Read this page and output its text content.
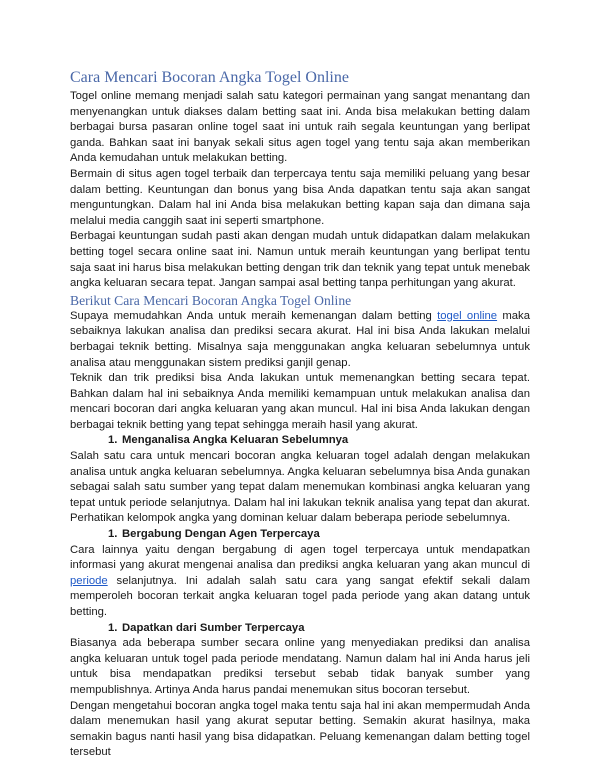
Cara Mencari Bocoran Angka Togel Online

Togel online memang menjadi salah satu kategori permainan yang sangat menantang dan menyenangkan untuk diakses dalam betting saat ini. Anda bisa melakukan betting dalam berbagai bursa pasaran online togel saat ini untuk raih segala keuntungan yang berlipat ganda. Bahkan saat ini banyak sekali situs agen togel yang tentu saja akan memberikan Anda kemudahan untuk melakukan betting.

Bermain di situs agen togel terbaik dan terpercaya tentu saja memiliki peluang yang besar dalam betting. Keuntungan dan bonus yang bisa Anda dapatkan tentu saja akan sangat menguntungkan. Dalam hal ini Anda bisa melakukan betting kapan saja dan dimana saja melalui media canggih saat ini seperti smartphone.

Berbagai keuntungan sudah pasti akan dengan mudah untuk didapatkan dalam melakukan betting togel secara online saat ini. Namun untuk meraih keuntungan yang berlipat tentu saja saat ini harus bisa melakukan betting dengan trik dan teknik yang tepat untuk menebak angka keluaran secara tepat. Jangan sampai asal betting tanpa perhitungan yang akurat.

Berikut Cara Mencari Bocoran Angka Togel Online

Supaya memudahkan Anda untuk meraih kemenangan dalam betting togel online maka sebaiknya lakukan analisa dan prediksi secara akurat. Hal ini bisa Anda lakukan melalui berbagai teknik betting. Misalnya saja menggunakan angka keluaran sebelumnya untuk analisa atau menggunakan sistem prediksi ganjil genap.

Teknik dan trik prediksi bisa Anda lakukan untuk memenangkan betting secara tepat. Bahkan dalam hal ini sebaiknya Anda memiliki kemampuan untuk melakukan analisa dan mencari bocoran dari angka keluaran yang akan muncul. Hal ini bisa Anda lakukan dengan berbagai teknik betting yang tepat sehingga meraih hasil yang akurat.

1. Menganalisa Angka Keluaran Sebelumnya

Salah satu cara untuk mencari bocoran angka keluaran togel adalah dengan melakukan analisa untuk angka keluaran sebelumnya. Angka keluaran sebelumnya bisa Anda gunakan sebagai salah satu sumber yang tepat dalam menemukan kombinasi angka keluaran yang tepat untuk periode selanjutnya. Dalam hal ini lakukan teknik analisa yang tepat dan akurat. Perhatikan kelompok angka yang dominan keluar dalam beberapa periode sebelumnya.

1. Bergabung Dengan Agen Terpercaya

Cara lainnya yaitu dengan bergabung di agen togel terpercaya untuk mendapatkan informasi yang akurat mengenai analisa dan prediksi angka keluaran yang akan muncul di periode selanjutnya. Ini adalah salah satu cara yang sangat efektif sekali dalam memperoleh bocoran terkait angka keluaran togel pada periode yang akan datang untuk betting.

1. Dapatkan dari Sumber Terpercaya

Biasanya ada beberapa sumber secara online yang menyediakan prediksi dan analisa angka keluaran untuk togel pada periode mendatang. Namun dalam hal ini Anda harus jeli untuk bisa mendapatkan prediksi tersebut sebab tidak banyak sumber yang mempublishnya. Artinya Anda harus pandai menemukan situs bocoran tersebut.

Dengan mengetahui bocoran angka togel maka tentu saja hal ini akan mempermudah Anda dalam menemukan hasil yang akurat seputar betting. Semakin akurat hasilnya, maka semakin bagus nanti hasil yang bisa didapatkan. Peluang kemenangan dalam betting togel tersebut
